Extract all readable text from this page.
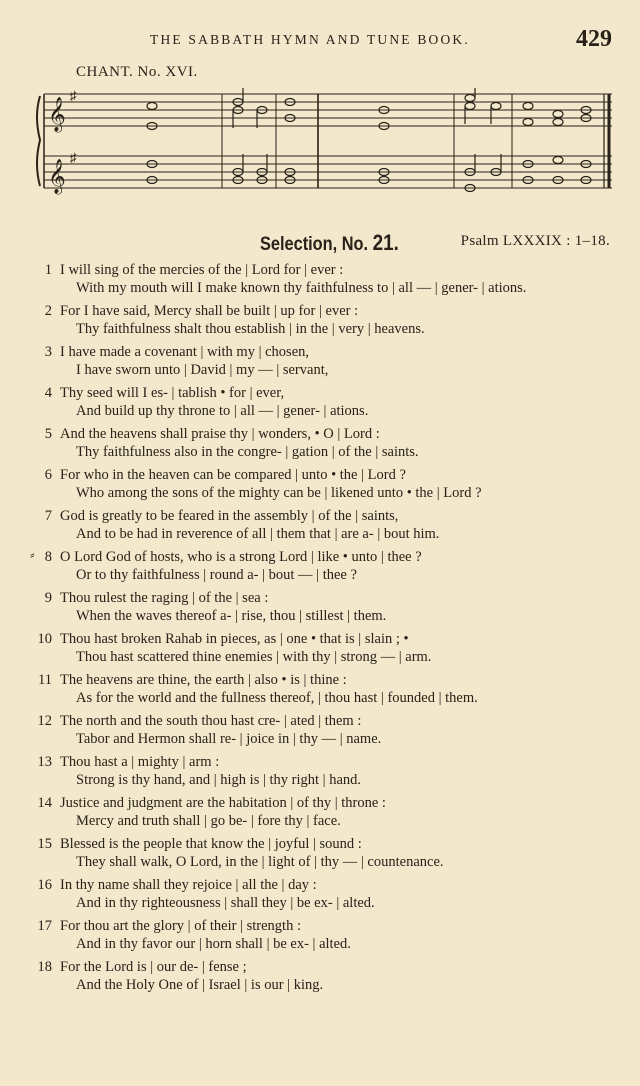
THE SABBATH HYMN AND TUNE BOOK.	429
CHANT. No. XVI.
𝄞
𝄞
♯
♯
Selection, No. 21.	Psalm LXXXIX : 1–18.
⸗
1 I will sing of the mercies of the | Lord for | ever :
With my mouth will I make known thy faithfulness to | all — | gener- | ations.
2 For I have said, Mercy shall be built | up for | ever :
Thy faithfulness shalt thou establish | in the | very | heavens.
3 I have made a covenant | with my | chosen,
I have sworn unto | David | my — | servant,
4 Thy seed will I es- | tablish • for | ever,
And build up thy throne to | all — | gener- | ations.
5 And the heavens shall praise thy | wonders, • O | Lord :
Thy faithfulness also in the congre- | gation | of the | saints.
6 For who in the heaven can be compared | unto • the | Lord ?
Who among the sons of the mighty can be | likened unto • the | Lord ?
7 God is greatly to be feared in the assembly | of the | saints,
And to be had in reverence of all | them that | are a- | bout him.
8 O Lord God of hosts, who is a strong Lord | like • unto | thee ?
Or to thy faithfulness | round a- | bout — | thee ?
9 Thou rulest the raging | of the | sea :
When the waves thereof a- | rise, thou | stillest | them.
10 Thou hast broken Rahab in pieces, as | one • that is | slain ; •
Thou hast scattered thine enemies | with thy | strong — | arm.
11 The heavens are thine, the earth | also • is | thine :
As for the world and the fullness thereof, | thou hast | founded | them.
12 The north and the south thou hast cre- | ated | them :
Tabor and Hermon shall re- | joice in | thy — | name.
13 Thou hast a | mighty | arm :
Strong is thy hand, and | high is | thy right | hand.
14 Justice and judgment are the habitation | of thy | throne :
Mercy and truth shall | go be- | fore thy | face.
15 Blessed is the people that know the | joyful | sound :
They shall walk, O Lord, in the | light of | thy — | countenance.
16 In thy name shall they rejoice | all the | day :
And in thy righteousness | shall they | be ex- | alted.
17 For thou art the glory | of their | strength :
And in thy favor our | horn shall | be ex- | alted.
18 For the Lord is | our de- | fense ;
And the Holy One of | Israel | is our | king.
